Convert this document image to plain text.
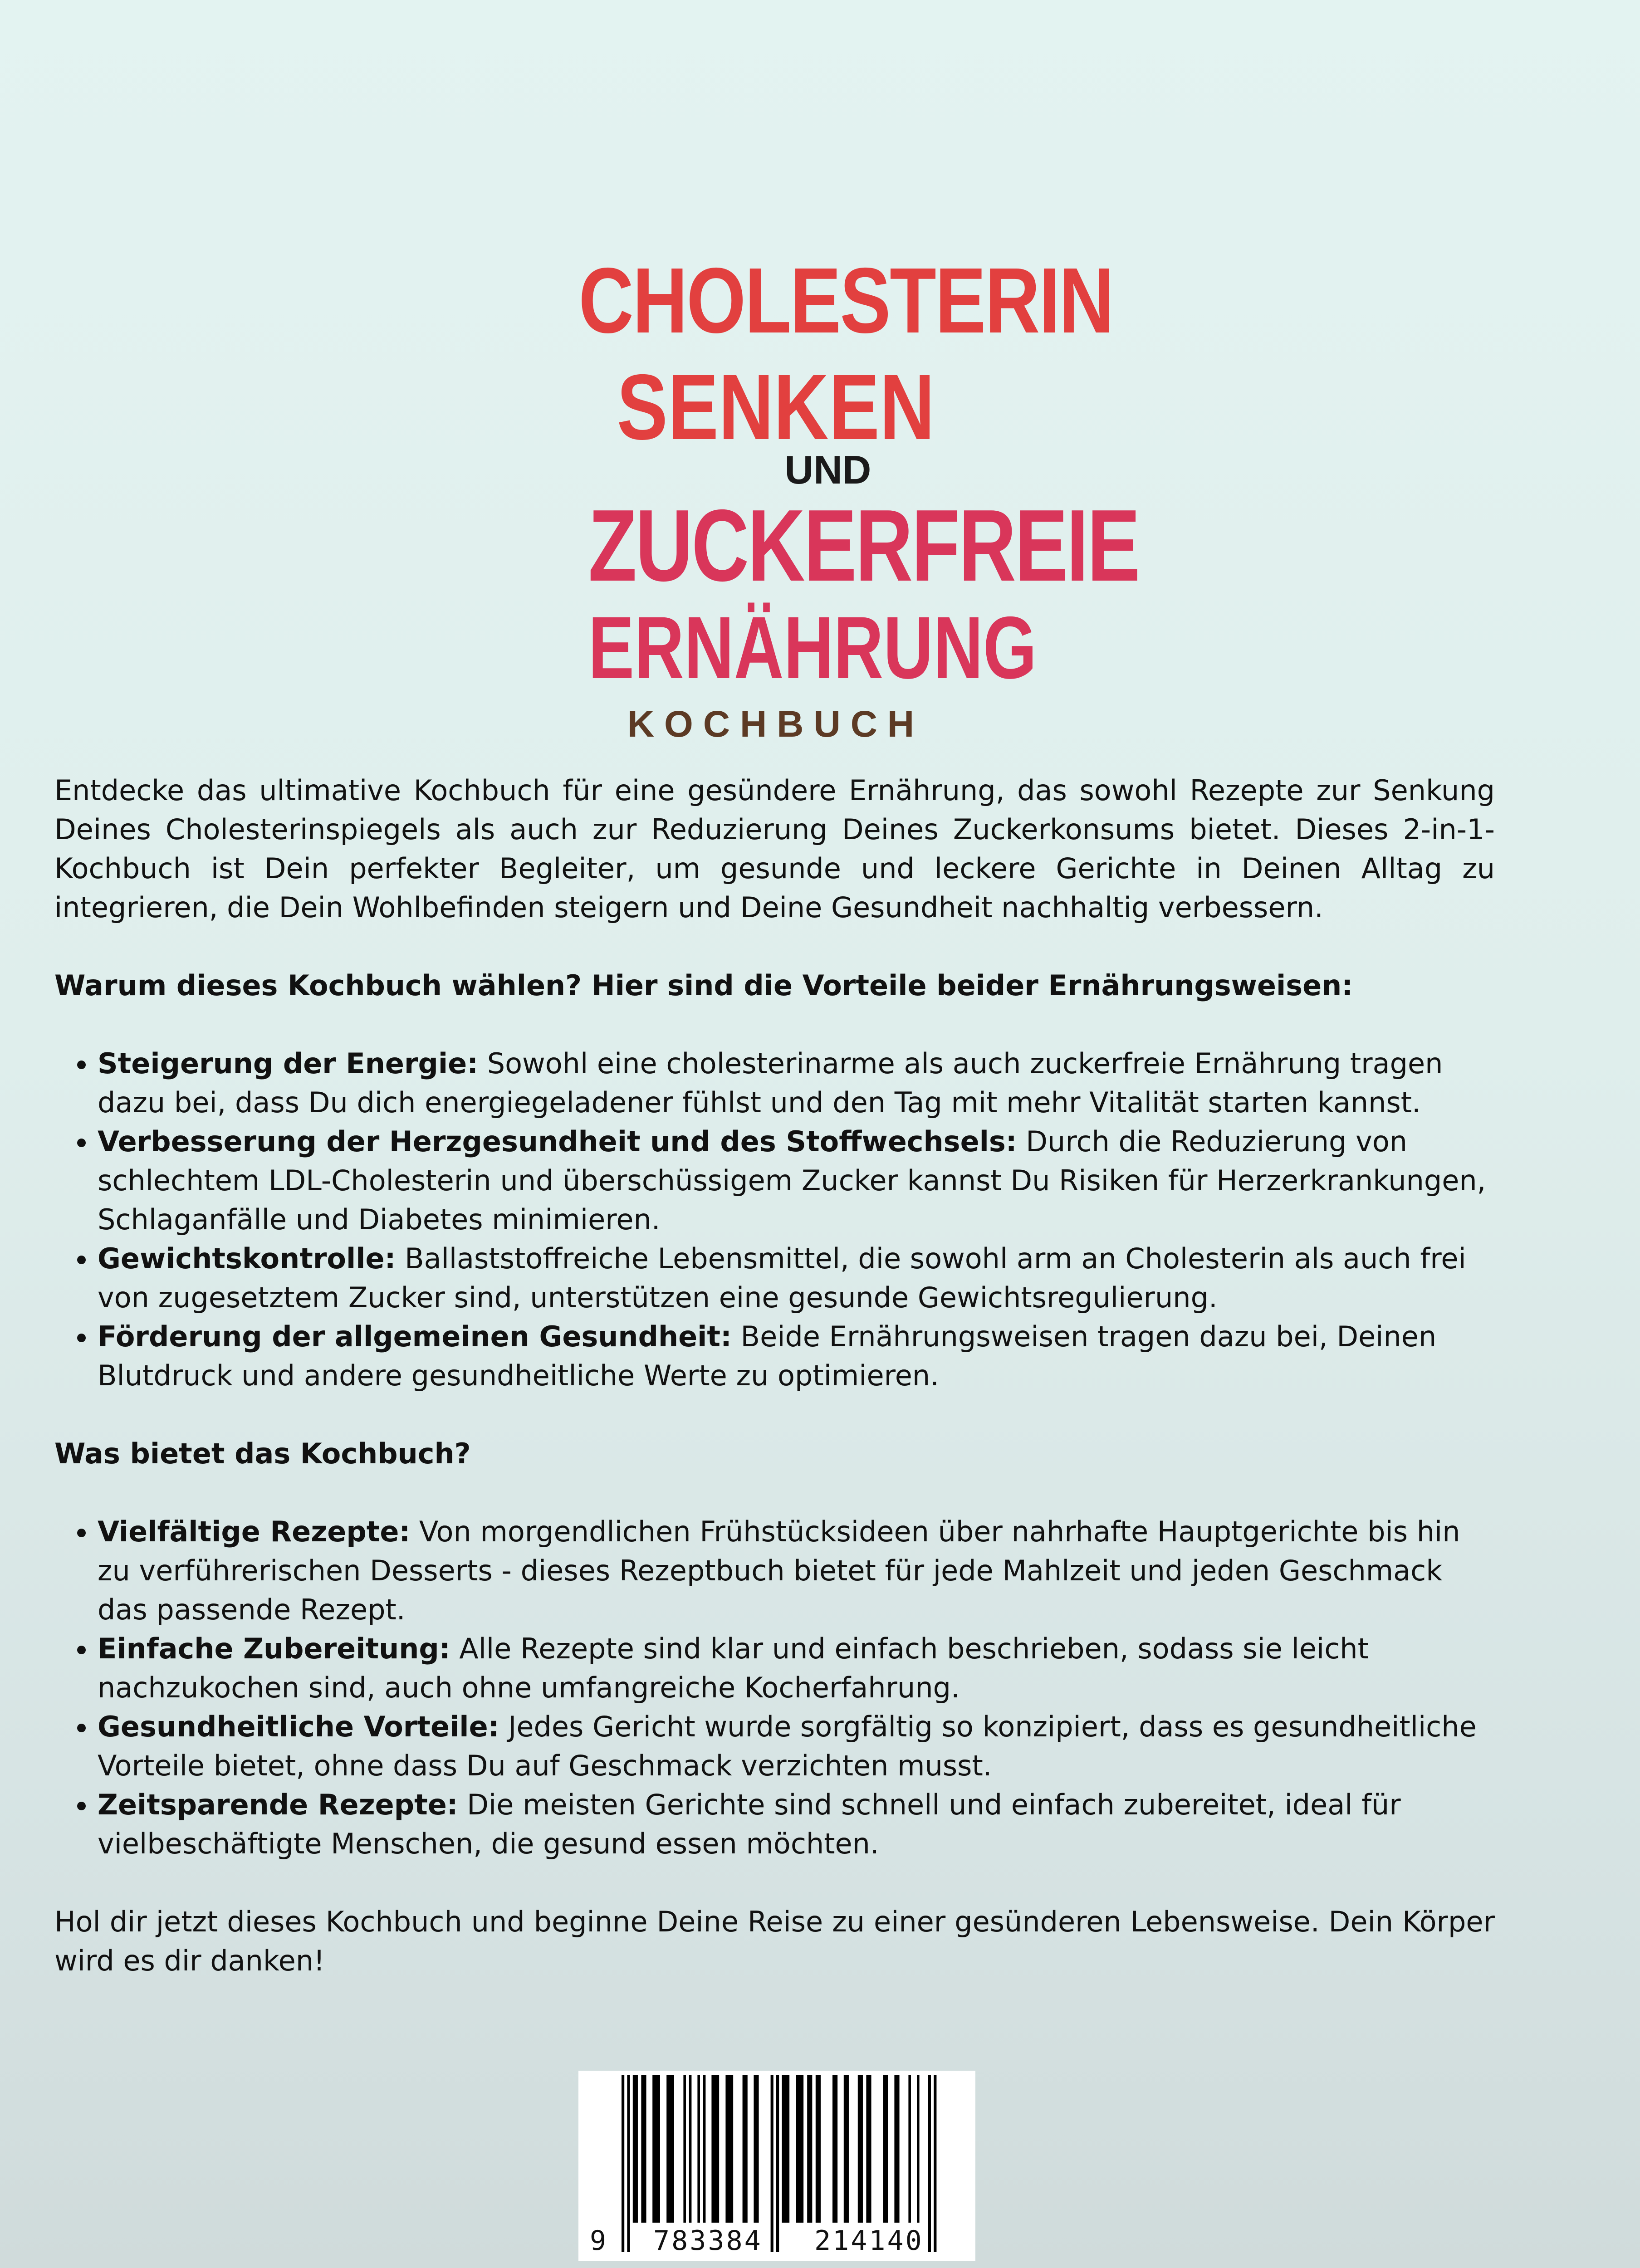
CHOLESTERIN
SENKEN
UND
ZUCKERFREIE
ERNÄHRUNG
KOCHBUCH

Entdecke das ultimative Kochbuch für eine gesündere Ernährung, das sowohl Rezepte zur Senkung Deines Cholesterinspiegels als auch zur Reduzierung Deines Zuckerkonsums bietet. Dieses 2-in-1-Kochbuch ist Dein perfekter Begleiter, um gesunde und leckere Gerichte in Deinen Alltag zu integrieren, die Dein Wohlbefinden steigern und Deine Gesundheit nachhaltig verbessern.

Warum dieses Kochbuch wählen? Hier sind die Vorteile beider Ernährungsweisen:

• Steigerung der Energie: Sowohl eine cholesterinarme als auch zuckerfreie Ernährung tragen dazu bei, dass Du dich energiegeladener fühlst und den Tag mit mehr Vitalität starten kannst.
• Verbesserung der Herzgesundheit und des Stoffwechsels: Durch die Reduzierung von schlechtem LDL-Cholesterin und überschüssigem Zucker kannst Du Risiken für Herzerkrankungen, Schlaganfälle und Diabetes minimieren.
• Gewichtskontrolle: Ballaststoffreiche Lebensmittel, die sowohl arm an Cholesterin als auch frei von zugesetztem Zucker sind, unterstützen eine gesunde Gewichtsregulierung.
• Förderung der allgemeinen Gesundheit: Beide Ernährungsweisen tragen dazu bei, Deinen Blutdruck und andere gesundheitliche Werte zu optimieren.

Was bietet das Kochbuch?

• Vielfältige Rezepte: Von morgendlichen Frühstücksideen über nahrhafte Hauptgerichte bis hin zu verführerischen Desserts - dieses Rezeptbuch bietet für jede Mahlzeit und jeden Geschmack das passende Rezept.
• Einfache Zubereitung: Alle Rezepte sind klar und einfach beschrieben, sodass sie leicht nachzukochen sind, auch ohne umfangreiche Kocherfahrung.
• Gesundheitliche Vorteile: Jedes Gericht wurde sorgfältig so konzipiert, dass es gesundheitliche Vorteile bietet, ohne dass Du auf Geschmack verzichten musst.
• Zeitsparende Rezepte: Die meisten Gerichte sind schnell und einfach zubereitet, ideal für vielbeschäftigte Menschen, die gesund essen möchten.

Hol dir jetzt dieses Kochbuch und beginne Deine Reise zu einer gesünderen Lebensweise. Dein Körper wird es dir danken!

9 783384 214140
